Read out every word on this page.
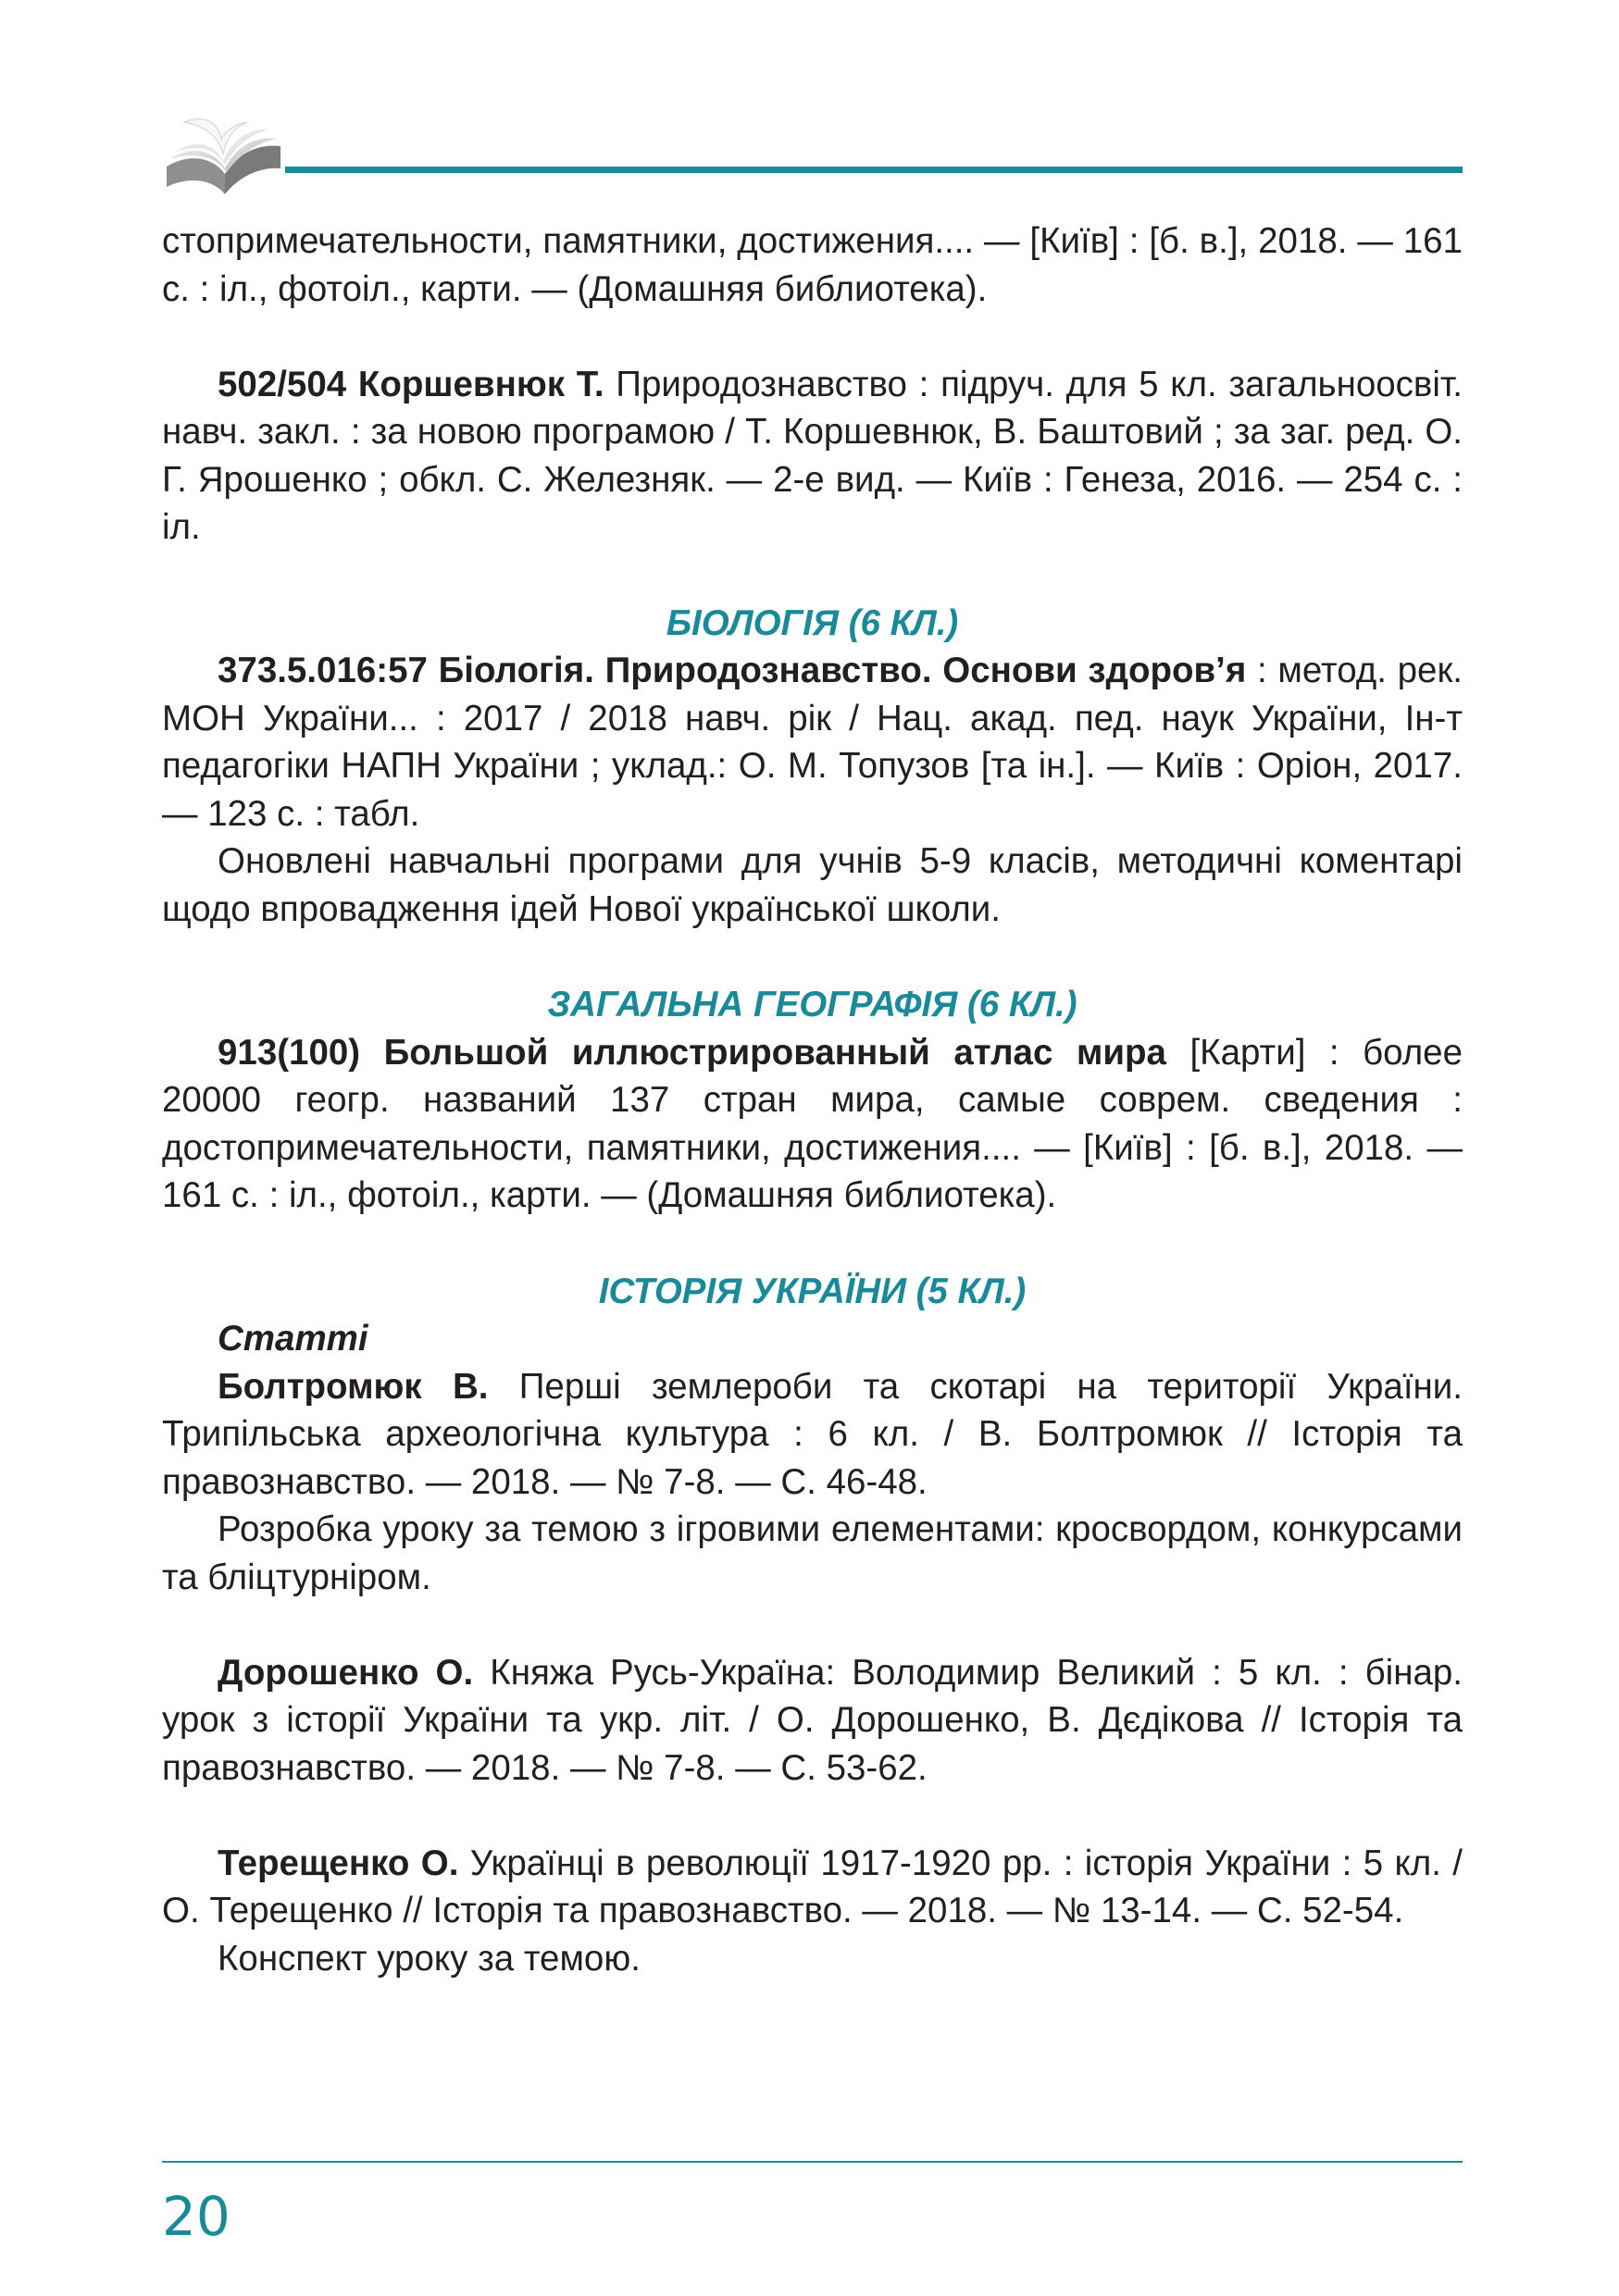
стопримечательности, памятники, достижения.... — [Київ] : [б. в.], 2018. — 161 с. : іл., фотоіл., карти. — (Домашняя библиотека).

502/504 Коршевнюк Т. Природознавство : підруч. для 5 кл. загальноосвіт. навч. закл. : за новою програмою / Т. Коршевнюк, В. Баштовий ; за заг. ред. О. Г. Ярошенко ; обкл. С. Железняк. — 2-е вид. — Київ : Генеза, 2016. — 254 с. : іл.

БІОЛОГІЯ (6 КЛ.)

373.5.016:57 Біологія. Природознавство. Основи здоров’я : метод. рек. МОН України... : 2017 / 2018 навч. рік / Нац. акад. пед. наук України, Ін-т педагогіки НАПН України ; уклад.: О. М. Топузов [та ін.]. — Київ : Оріон, 2017. — 123 с. : табл.

Оновлені навчальні програми для учнів 5-9 класів, методичні коментарі щодо впровадження ідей Нової української школи.

ЗАГАЛЬНА ГЕОГРАФІЯ (6 КЛ.)

913(100) Большой иллюстрированный атлас мира [Карти] : более 20000 геогр. названий 137 стран мира, самые соврем. сведения : достопримечательности, памятники, достижения.... — [Київ] : [б. в.], 2018. — 161 с. : іл., фотоіл., карти. — (Домашняя библиотека).

ІСТОРІЯ УКРАЇНИ (5 КЛ.)

Статті

Болтромюк В. Перші землероби та скотарі на території України. Трипільська археологічна культура : 6 кл. / В. Болтромюк // Історія та правознавство. — 2018. — № 7-8. — С. 46-48.

Розробка уроку за темою з ігровими елементами: кросвордом, конкурсами та бліцтурніром.

Дорошенко О. Княжа Русь-Україна: Володимир Великий : 5 кл. : бінар. урок з історії України та укр. літ. / О. Дорошенко, В. Дєдікова // Історія та правознавство. — 2018. — № 7-8. — С. 53-62.

Терещенко О. Українці в революції 1917-1920 рр. : історія України : 5 кл. / О. Терещенко // Історія та правознавство. — 2018. — № 13-14. — С. 52-54.

Конспект уроку за темою.

20
